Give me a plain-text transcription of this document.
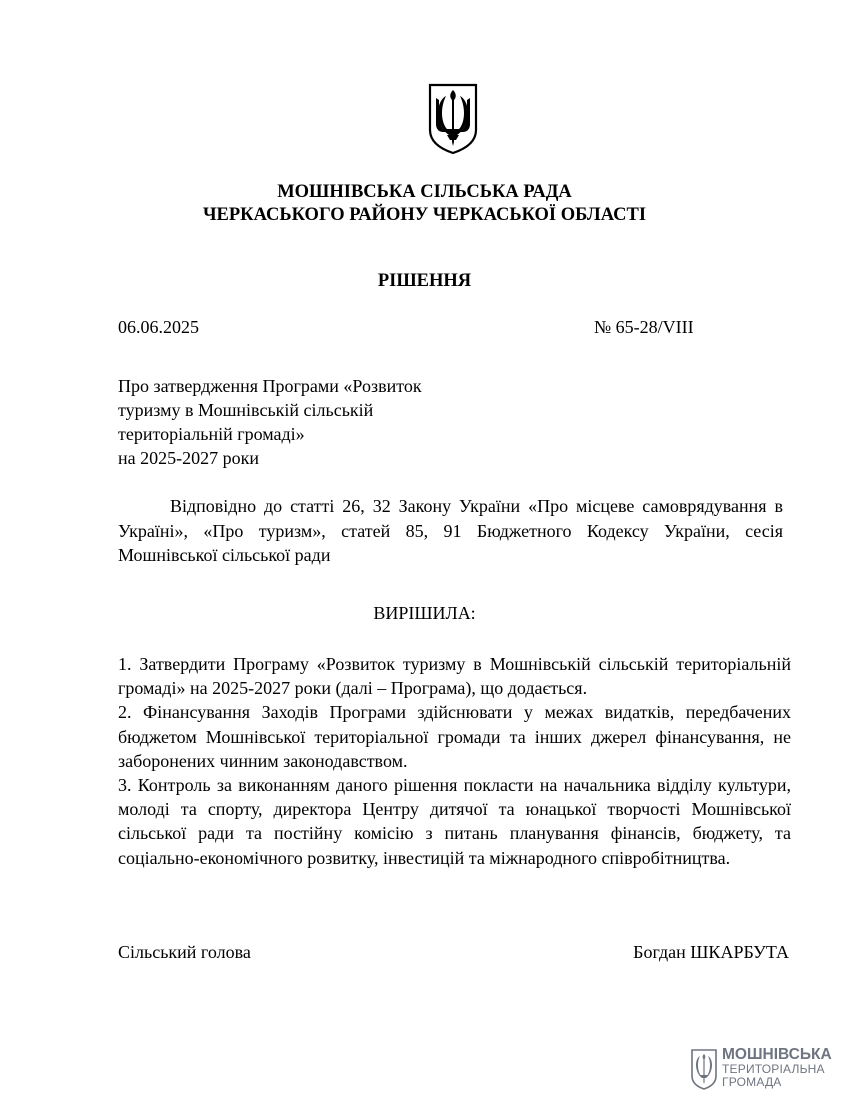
МОШНІВСЬКА СІЛЬСЬКА РАДА
ЧЕРКАСЬКОГО РАЙОНУ ЧЕРКАСЬКОЇ ОБЛАСТІ
РІШЕННЯ
06.06.2025	№ 65-28/VIII
Про затвердження Програми «Розвиток
туризму в Мошнівській сільській
територіальній громаді»
на 2025-2027 роки
Відповідно до статті 26, 32 Закону України «Про місцеве самоврядування в Україні», «Про туризм», статей 85, 91 Бюджетного Кодексу України, сесія Мошнівської сільської ради
ВИРІШИЛА:

1. Затвердити Програму «Розвиток туризму в Мошнівській сільській територіальній громаді» на 2025-2027 роки (далі – Програма), що додається.

2. Фінансування Заходів Програми здійснювати у межах видатків, передбачених бюджетом Мошнівської територіальної громади та інших джерел фінансування, не заборонених чинним законодавством.

3. Контроль за виконанням даного рішення покласти на начальника відділу культури, молоді та спорту, директора Центру дитячої та юнацької творчості Мошнівської сільської ради та постійну комісію з питань планування фінансів, бюджету, та соціально-економічного розвитку, інвестицій та міжнародного співробітництва.

Сільський голова	Богдан ШКАРБУТА
МОШНІВСЬКА
ТЕРИТОРІАЛЬНА
ГРОМАДА
